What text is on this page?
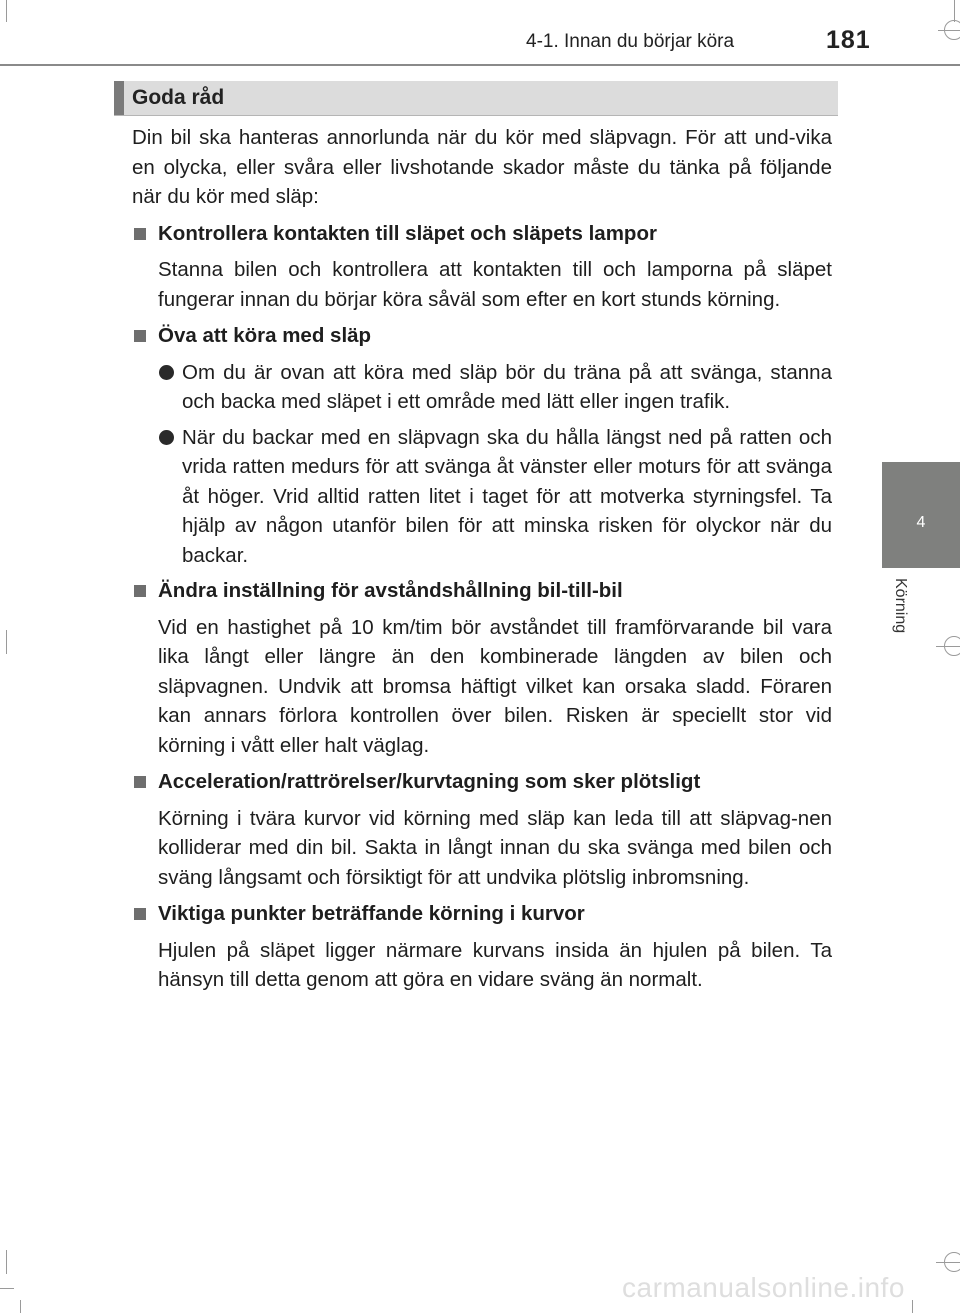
4-1. Innan du börjar köra	181
4
Körning
Goda råd

Din bil ska hanteras annorlunda när du kör med släpvagn. För att und-vika en olycka, eller svåra eller livshotande skador måste du tänka på följande när du kör med släp:

Kontrollera kontakten till släpet och släpets lampor

Stanna bilen och kontrollera att kontakten till och lamporna på släpet fungerar innan du börjar köra såväl som efter en kort stunds körning.

Öva att köra med släp
Om du är ovan att köra med släp bör du träna på att svänga, stanna och backa med släpet i ett område med lätt eller ingen trafik.
När du backar med en släpvagn ska du hålla längst ned på ratten och vrida ratten medurs för att svänga åt vänster eller moturs för att svänga åt höger. Vrid alltid ratten litet i taget för att motverka styrningsfel. Ta hjälp av någon utanför bilen för att minska risken för olyckor när du backar.
Ändra inställning för avståndshållning bil-till-bil

Vid en hastighet på 10 km/tim bör avståndet till framförvarande bil vara lika långt eller längre än den kombinerade längden av bilen och släpvagnen. Undvik att bromsa häftigt vilket kan orsaka sladd. Föraren kan annars förlora kontrollen över bilen. Risken är speciellt stor vid körning i vått eller halt väglag.

Acceleration/rattrörelser/kurvtagning som sker plötsligt

Körning i tvära kurvor vid körning med släp kan leda till att släpvag-nen kolliderar med din bil. Sakta in långt innan du ska svänga med bilen och sväng långsamt och försiktigt för att undvika plötslig inbromsning.

Viktiga punkter beträffande körning i kurvor

Hjulen på släpet ligger närmare kurvans insida än hjulen på bilen. Ta hänsyn till detta genom att göra en vidare sväng än normalt.

carmanualsonline.info
